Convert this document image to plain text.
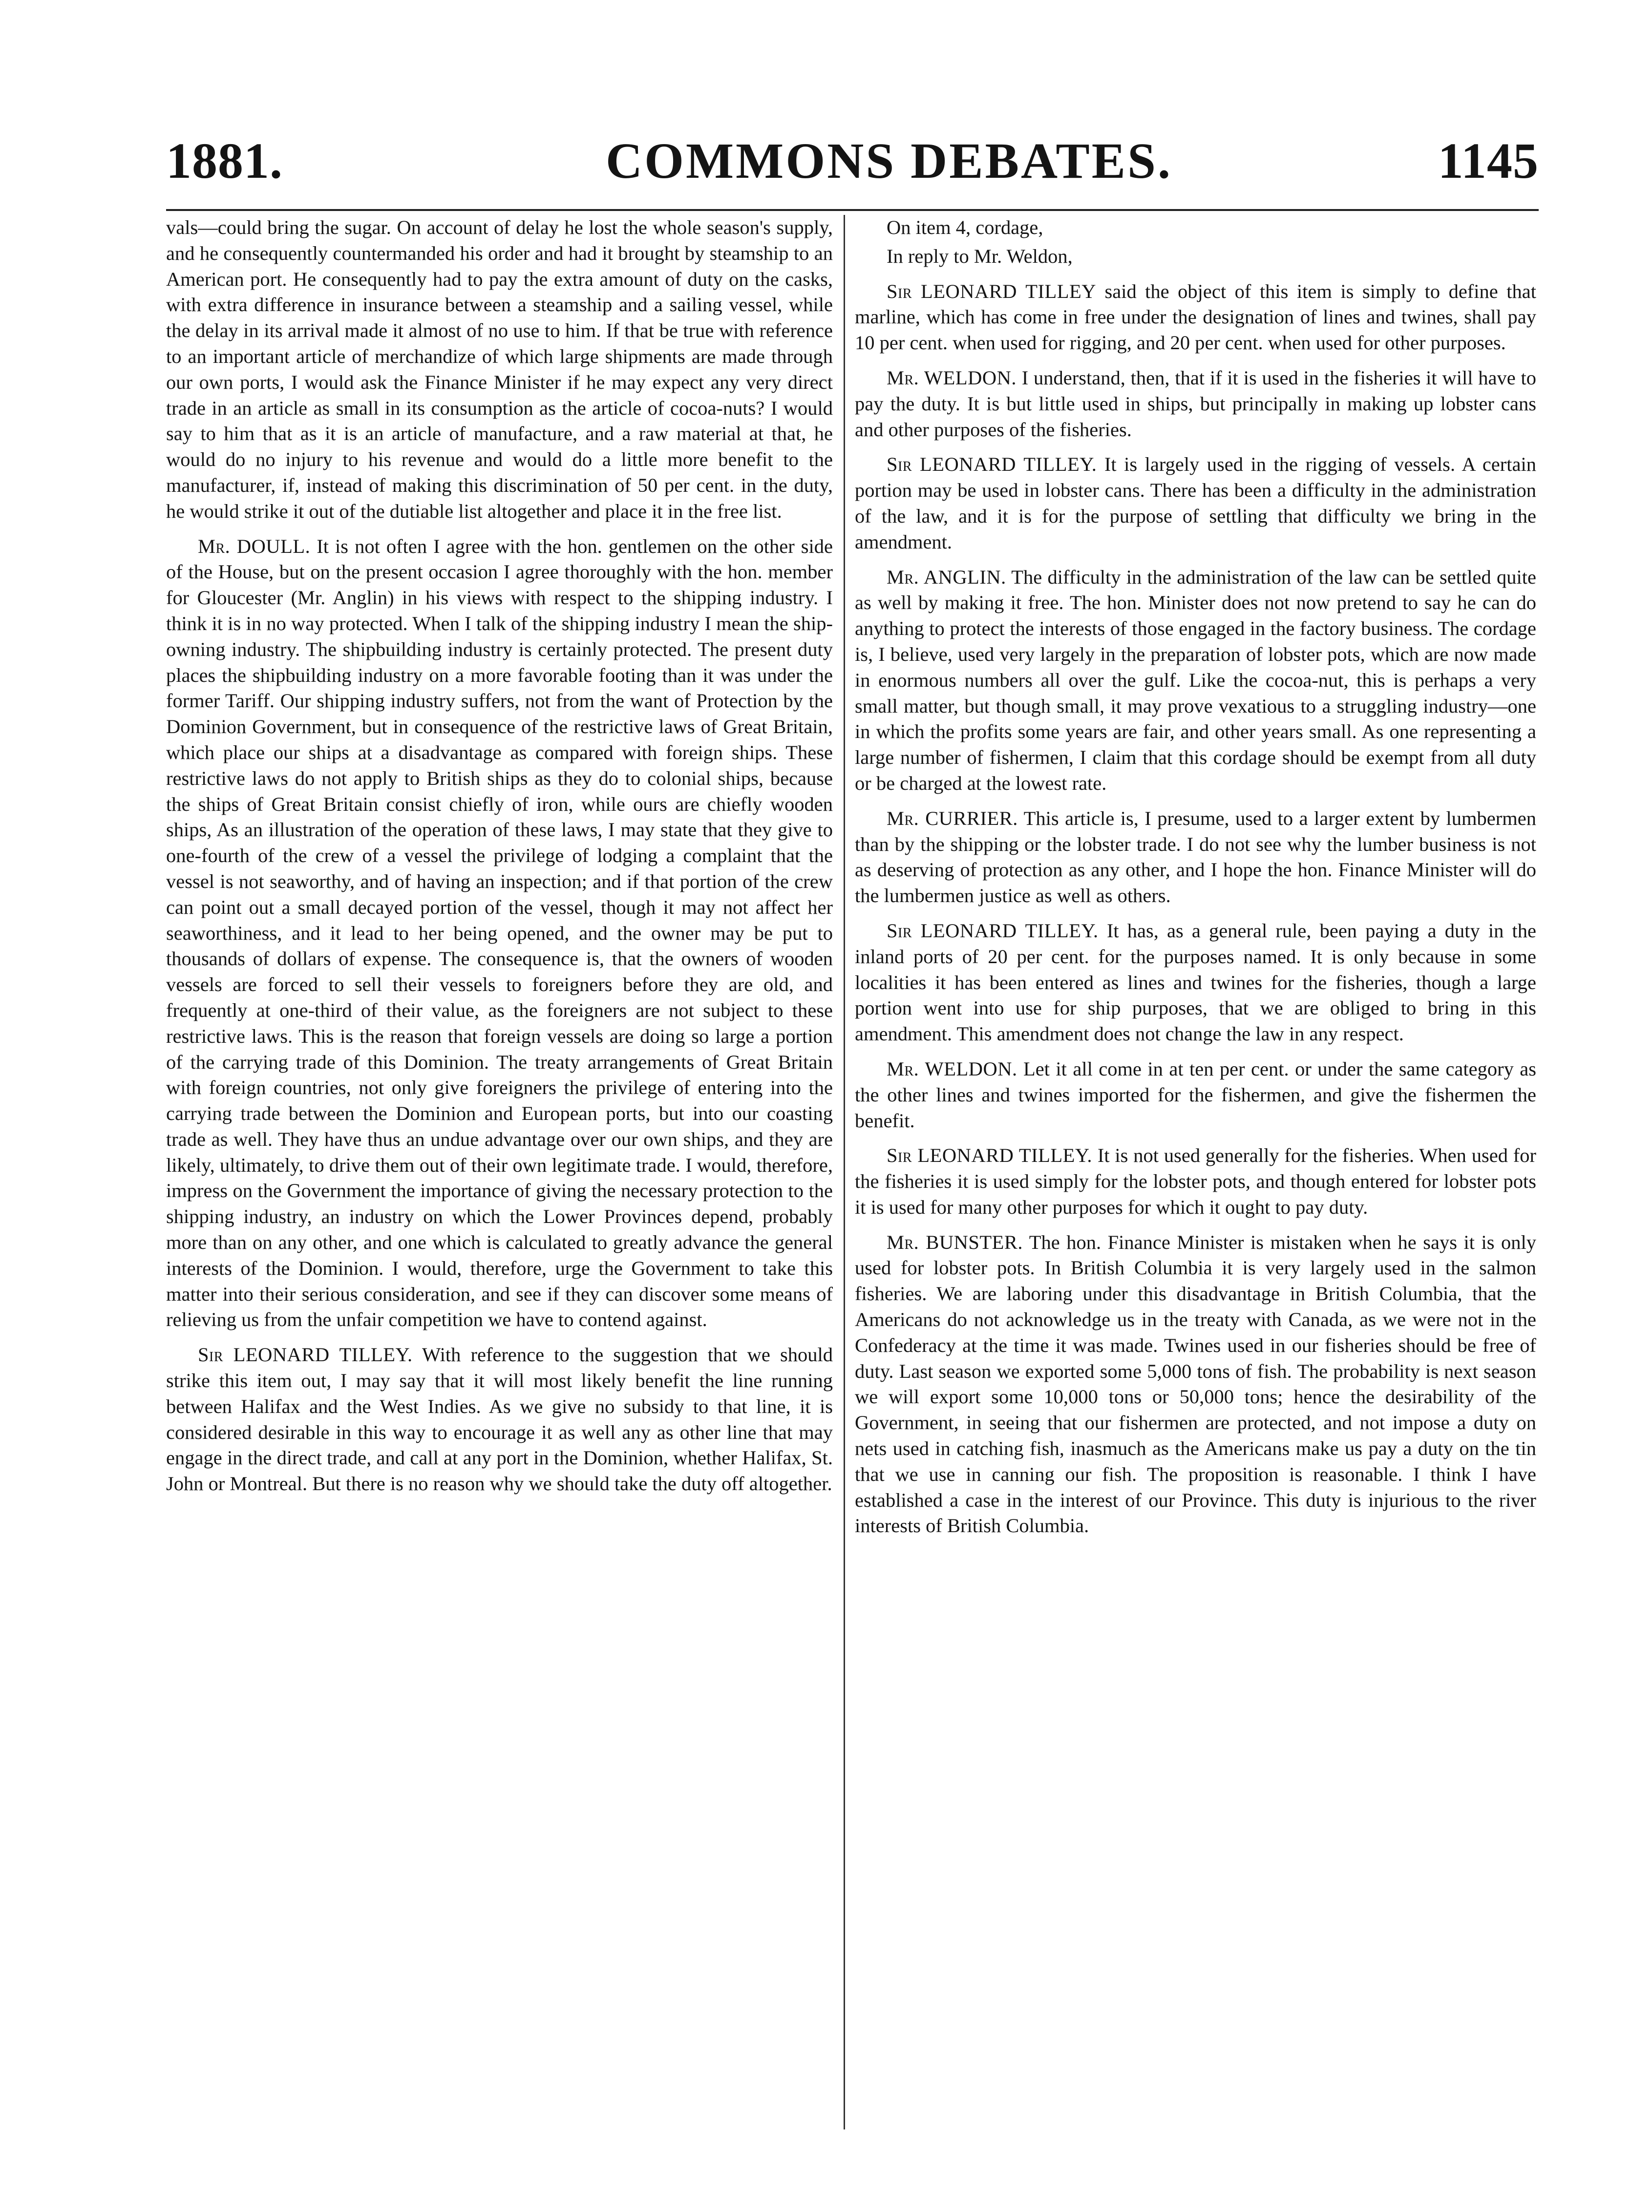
1881.	COMMONS DEBATES.	1145

vals—could bring the sugar. On account of delay he lost the whole season's supply, and he consequently countermanded his order and had it brought by steamship to an American port. He consequently had to pay the extra amount of duty on the casks, with extra difference in insurance between a steamship and a sailing vessel, while the delay in its arrival made it almost of no use to him. If that be true with reference to an important article of merchandize of which large shipments are made through our own ports, I would ask the Finance Minister if he may expect any very direct trade in an article as small in its consumption as the article of cocoa-nuts? I would say to him that as it is an article of manufacture, and a raw material at that, he would do no injury to his revenue and would do a little more benefit to the manufacturer, if, instead of making this discrimination of 50 per cent. in the duty, he would strike it out of the dutiable list altogether and place it in the free list.

Mr. DOULL. It is not often I agree with the hon. gentlemen on the other side of the House, but on the present occasion I agree thoroughly with the hon. member for Gloucester (Mr. Anglin) in his views with respect to the shipping industry. I think it is in no way protected. When I talk of the shipping industry I mean the ship-owning industry. The shipbuilding industry is certainly protected. The present duty places the shipbuilding industry on a more favorable footing than it was under the former Tariff. Our shipping industry suffers, not from the want of Protection by the Dominion Government, but in consequence of the restrictive laws of Great Britain, which place our ships at a disadvantage as compared with foreign ships. These restrictive laws do not apply to British ships as they do to colonial ships, because the ships of Great Britain consist chiefly of iron, while ours are chiefly wooden ships, As an illustration of the operation of these laws, I may state that they give to one-fourth of the crew of a vessel the privilege of lodging a complaint that the vessel is not seaworthy, and of having an inspection; and if that portion of the crew can point out a small decayed portion of the vessel, though it may not affect her seaworthiness, and it lead to her being opened, and the owner may be put to thousands of dollars of expense. The consequence is, that the owners of wooden vessels are forced to sell their vessels to foreigners before they are old, and frequently at one-third of their value, as the foreigners are not subject to these restrictive laws. This is the reason that foreign vessels are doing so large a portion of the carrying trade of this Dominion. The treaty arrangements of Great Britain with foreign countries, not only give foreigners the privilege of entering into the carrying trade between the Dominion and European ports, but into our coasting trade as well. They have thus an undue advantage over our own ships, and they are likely, ultimately, to drive them out of their own legitimate trade. I would, therefore, impress on the Government the importance of giving the necessary protection to the shipping industry, an industry on which the Lower Provinces depend, probably more than on any other, and one which is calculated to greatly advance the general interests of the Dominion. I would, therefore, urge the Government to take this matter into their serious consideration, and see if they can discover some means of relieving us from the unfair competition we have to contend against.

Sir LEONARD TILLEY. With reference to the suggestion that we should strike this item out, I may say that it will most likely benefit the line running between Halifax and the West Indies. As we give no subsidy to that line, it is considered desirable in this way to encourage it as well any as other line that may engage in the direct trade, and call at any port in the Dominion, whether Halifax, St. John or Montreal. But there is no reason why we should take the duty off altogether.

On item 4, cordage,

In reply to Mr. Weldon,

Sir LEONARD TILLEY said the object of this item is simply to define that marline, which has come in free under the designation of lines and twines, shall pay 10 per cent. when used for rigging, and 20 per cent. when used for other purposes.

Mr. WELDON. I understand, then, that if it is used in the fisheries it will have to pay the duty. It is but little used in ships, but principally in making up lobster cans and other purposes of the fisheries.

Sir LEONARD TILLEY. It is largely used in the rigging of vessels. A certain portion may be used in lobster cans. There has been a difficulty in the administration of the law, and it is for the purpose of settling that difficulty we bring in the amendment.

Mr. ANGLIN. The difficulty in the administration of the law can be settled quite as well by making it free. The hon. Minister does not now pretend to say he can do anything to protect the interests of those engaged in the factory business. The cordage is, I believe, used very largely in the preparation of lobster pots, which are now made in enormous numbers all over the gulf. Like the cocoa-nut, this is perhaps a very small matter, but though small, it may prove vexatious to a struggling industry—one in which the profits some years are fair, and other years small. As one representing a large number of fishermen, I claim that this cordage should be exempt from all duty or be charged at the lowest rate.

Mr. CURRIER. This article is, I presume, used to a larger extent by lumbermen than by the shipping or the lobster trade. I do not see why the lumber business is not as deserving of protection as any other, and I hope the hon. Finance Minister will do the lumbermen justice as well as others.

Sir LEONARD TILLEY. It has, as a general rule, been paying a duty in the inland ports of 20 per cent. for the purposes named. It is only because in some localities it has been entered as lines and twines for the fisheries, though a large portion went into use for ship purposes, that we are obliged to bring in this amendment. This amendment does not change the law in any respect.

Mr. WELDON. Let it all come in at ten per cent. or under the same category as the other lines and twines imported for the fishermen, and give the fishermen the benefit.

Sir LEONARD TILLEY. It is not used generally for the fisheries. When used for the fisheries it is used simply for the lobster pots, and though entered for lobster pots it is used for many other purposes for which it ought to pay duty.

Mr. BUNSTER. The hon. Finance Minister is mistaken when he says it is only used for lobster pots. In British Columbia it is very largely used in the salmon fisheries. We are laboring under this disadvantage in British Columbia, that the Americans do not acknowledge us in the treaty with Canada, as we were not in the Confederacy at the time it was made. Twines used in our fisheries should be free of duty. Last season we exported some 5,000 tons of fish. The probability is next season we will export some 10,000 tons or 50,000 tons; hence the desirability of the Government, in seeing that our fishermen are protected, and not impose a duty on nets used in catching fish, inasmuch as the Americans make us pay a duty on the tin that we use in canning our fish. The proposition is reasonable. I think I have established a case in the interest of our Province. This duty is injurious to the river interests of British Columbia.
